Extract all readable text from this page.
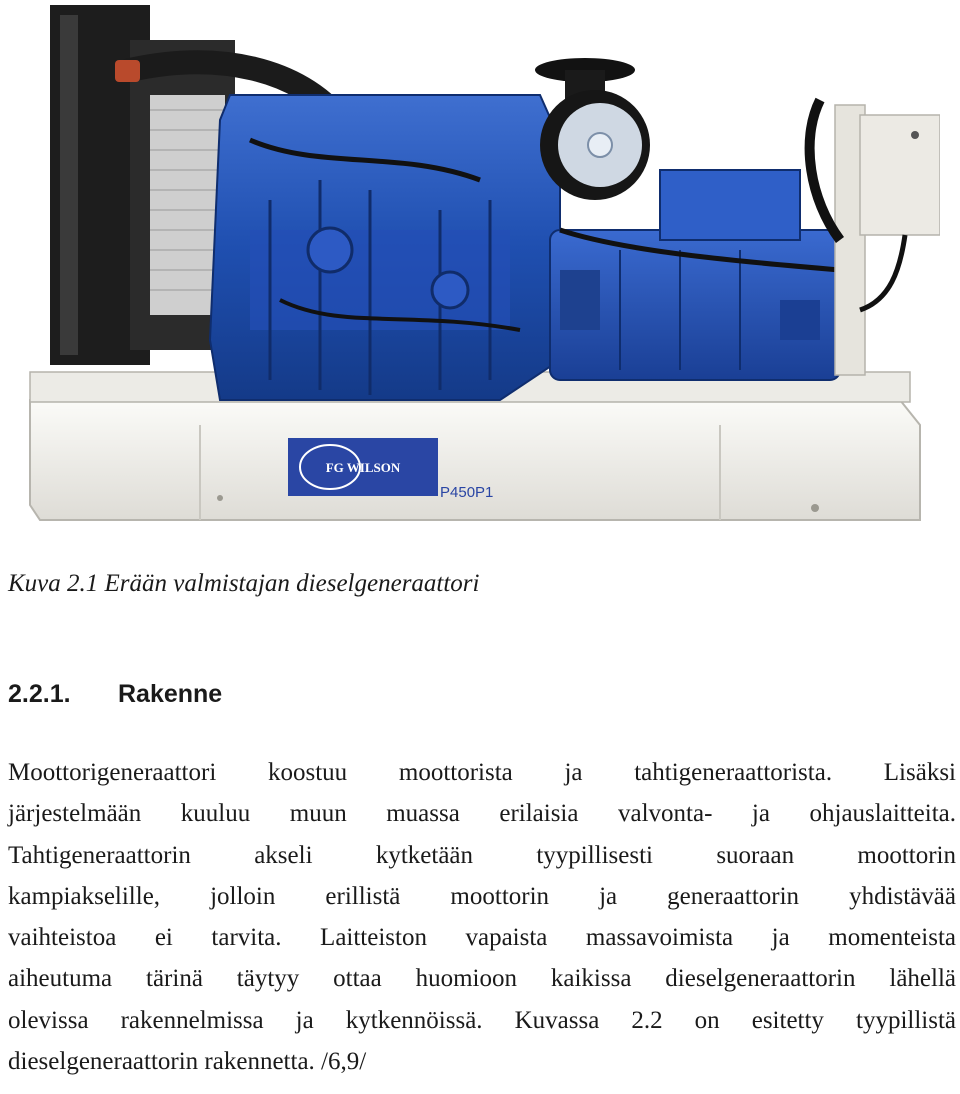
FG WILSON
P450P1
Kuva 2.1 Erään valmistajan dieselgeneraattori
2.2.1. Rakenne
Moottorigeneraattori koostuu moottorista ja tahtigeneraattorista. Lisäksi
järjestelmään kuuluu muun muassa erilaisia valvonta- ja ohjauslaitteita.
Tahtigeneraattorin akseli kytketään tyypillisesti suoraan moottorin
kampiakselille, jolloin erillistä moottorin ja generaattorin yhdistävää
vaihteistoa ei tarvita. Laitteiston vapaista massavoimista ja momenteista
aiheutuma tärinä täytyy ottaa huomioon kaikissa dieselgeneraattorin lähellä
olevissa rakennelmissa ja kytkennöissä. Kuvassa 2.2 on esitetty tyypillistä
dieselgeneraattorin rakennetta. /6,9/
